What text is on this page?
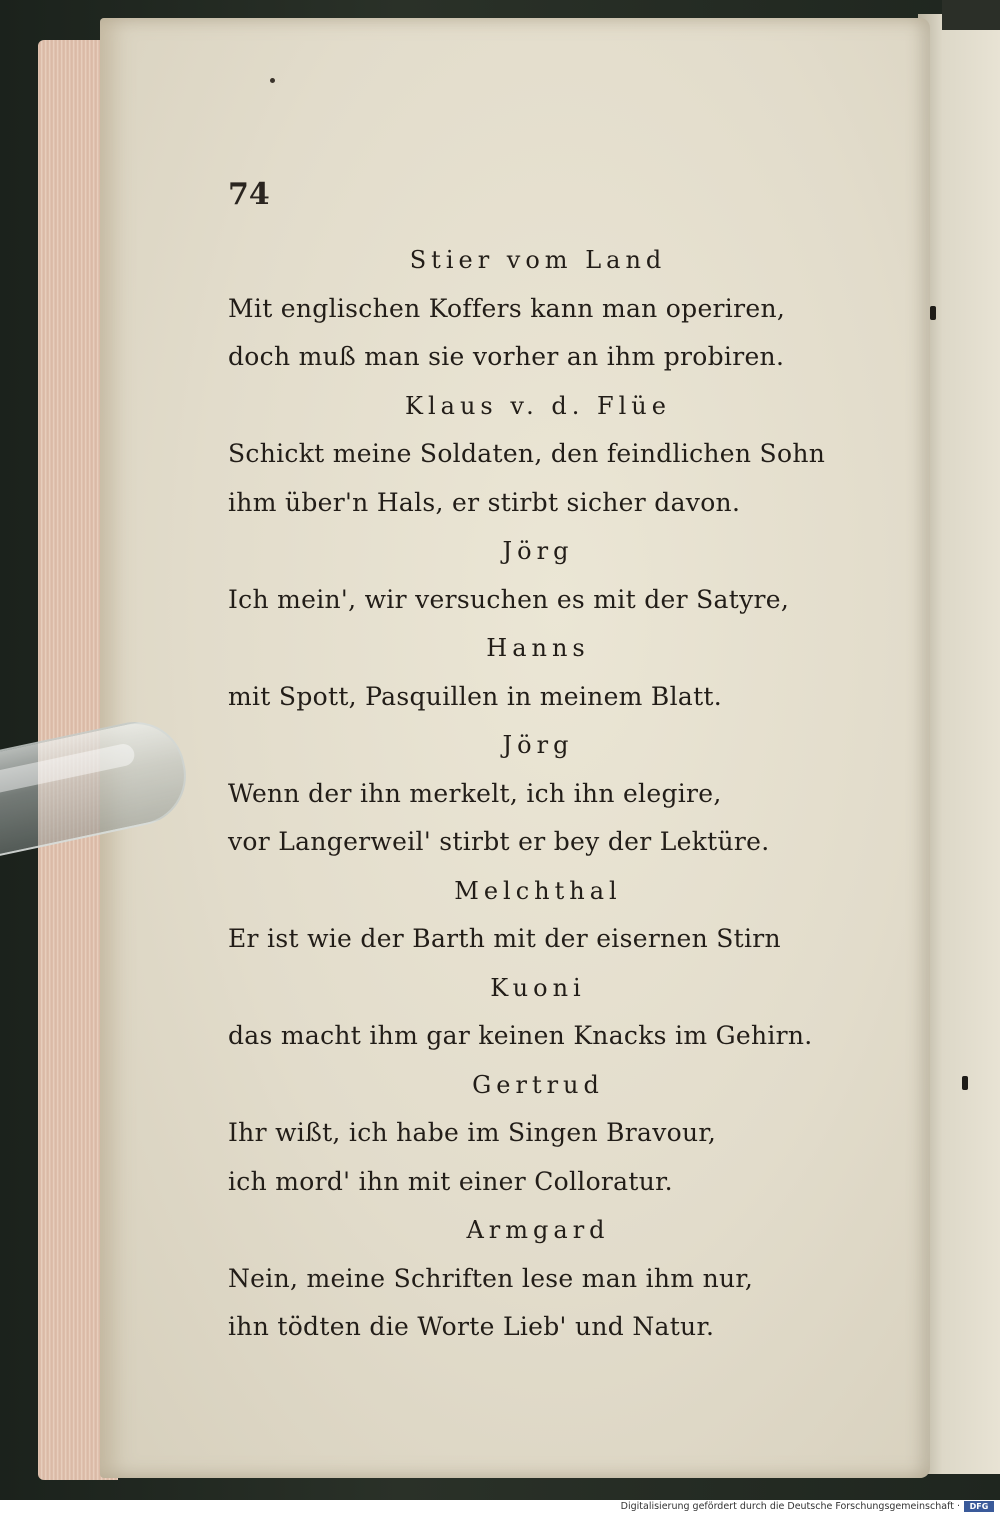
74
Stier vom Land
Mit englischen Koffers kann man operiren,
doch muß man sie vorher an ihm probiren.
Klaus v. d. Flüe
Schickt meine Soldaten, den feindlichen Sohn
ihm über'n Hals, er stirbt sicher davon.
Jörg
Ich mein', wir versuchen es mit der Satyre,
Hanns
mit Spott, Pasquillen in meinem Blatt.
Jörg
Wenn der ihn merkelt, ich ihn elegire,
vor Langerweil' stirbt er bey der Lektüre.
Melchthal
Er ist wie der Barth mit der eisernen Stirn
Kuoni
das macht ihm gar keinen Knacks im Gehirn.
Gertrud
Ihr wißt, ich habe im Singen Bravour,
ich mord' ihn mit einer Colloratur.
Armgard
Nein, meine Schriften lese man ihm nur,
ihn tödten die Worte Lieb' und Natur.
Digitalisierung gefördert durch die Deutsche Forschungsgemeinschaft ·	DFG
